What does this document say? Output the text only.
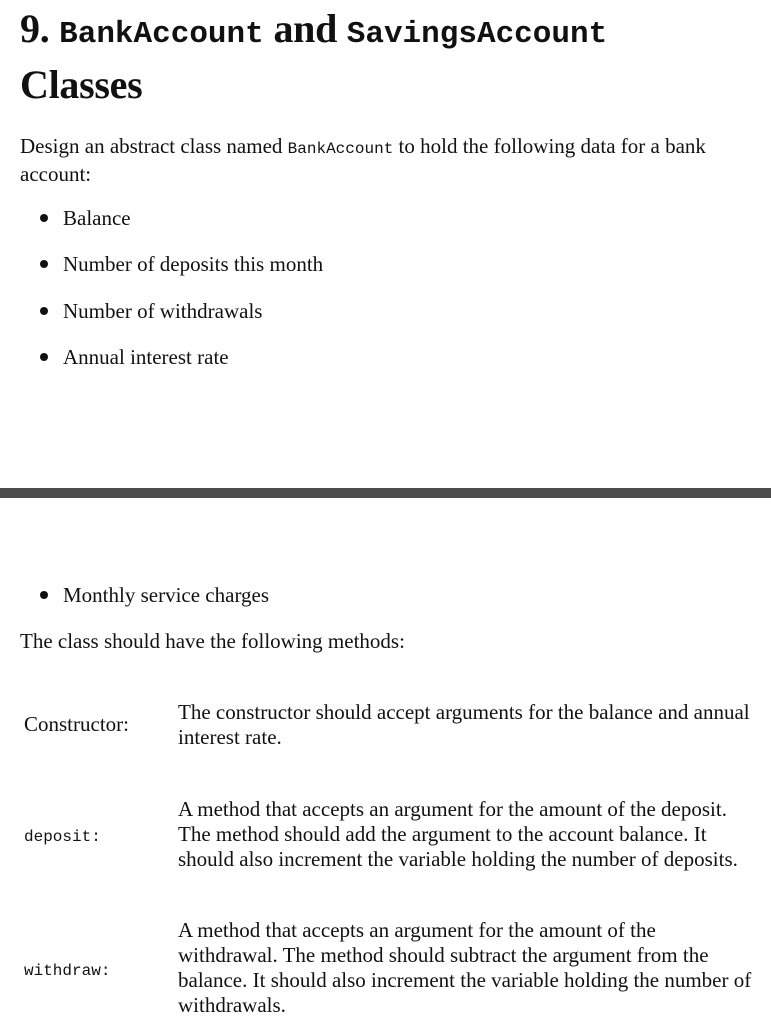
9. BankAccount and SavingsAccount
Classes

Design an abstract class named BankAccount to hold the following data for a bank account:

Balance
Number of deposits this month
Number of withdrawals
Annual interest rate
Monthly service charges

The class should have the following methods:

Constructor: The constructor should accept arguments for the balance and annual interest rate.
deposit:
A method that accepts an argument for the amount of the deposit. The method should add the argument to the account balance. It should also increment the variable holding the number of deposits.
withdraw:
A method that accepts an argument for the amount of the withdrawal. The method should subtract the argument from the balance. It should also increment the variable holding the number of withdrawals.
